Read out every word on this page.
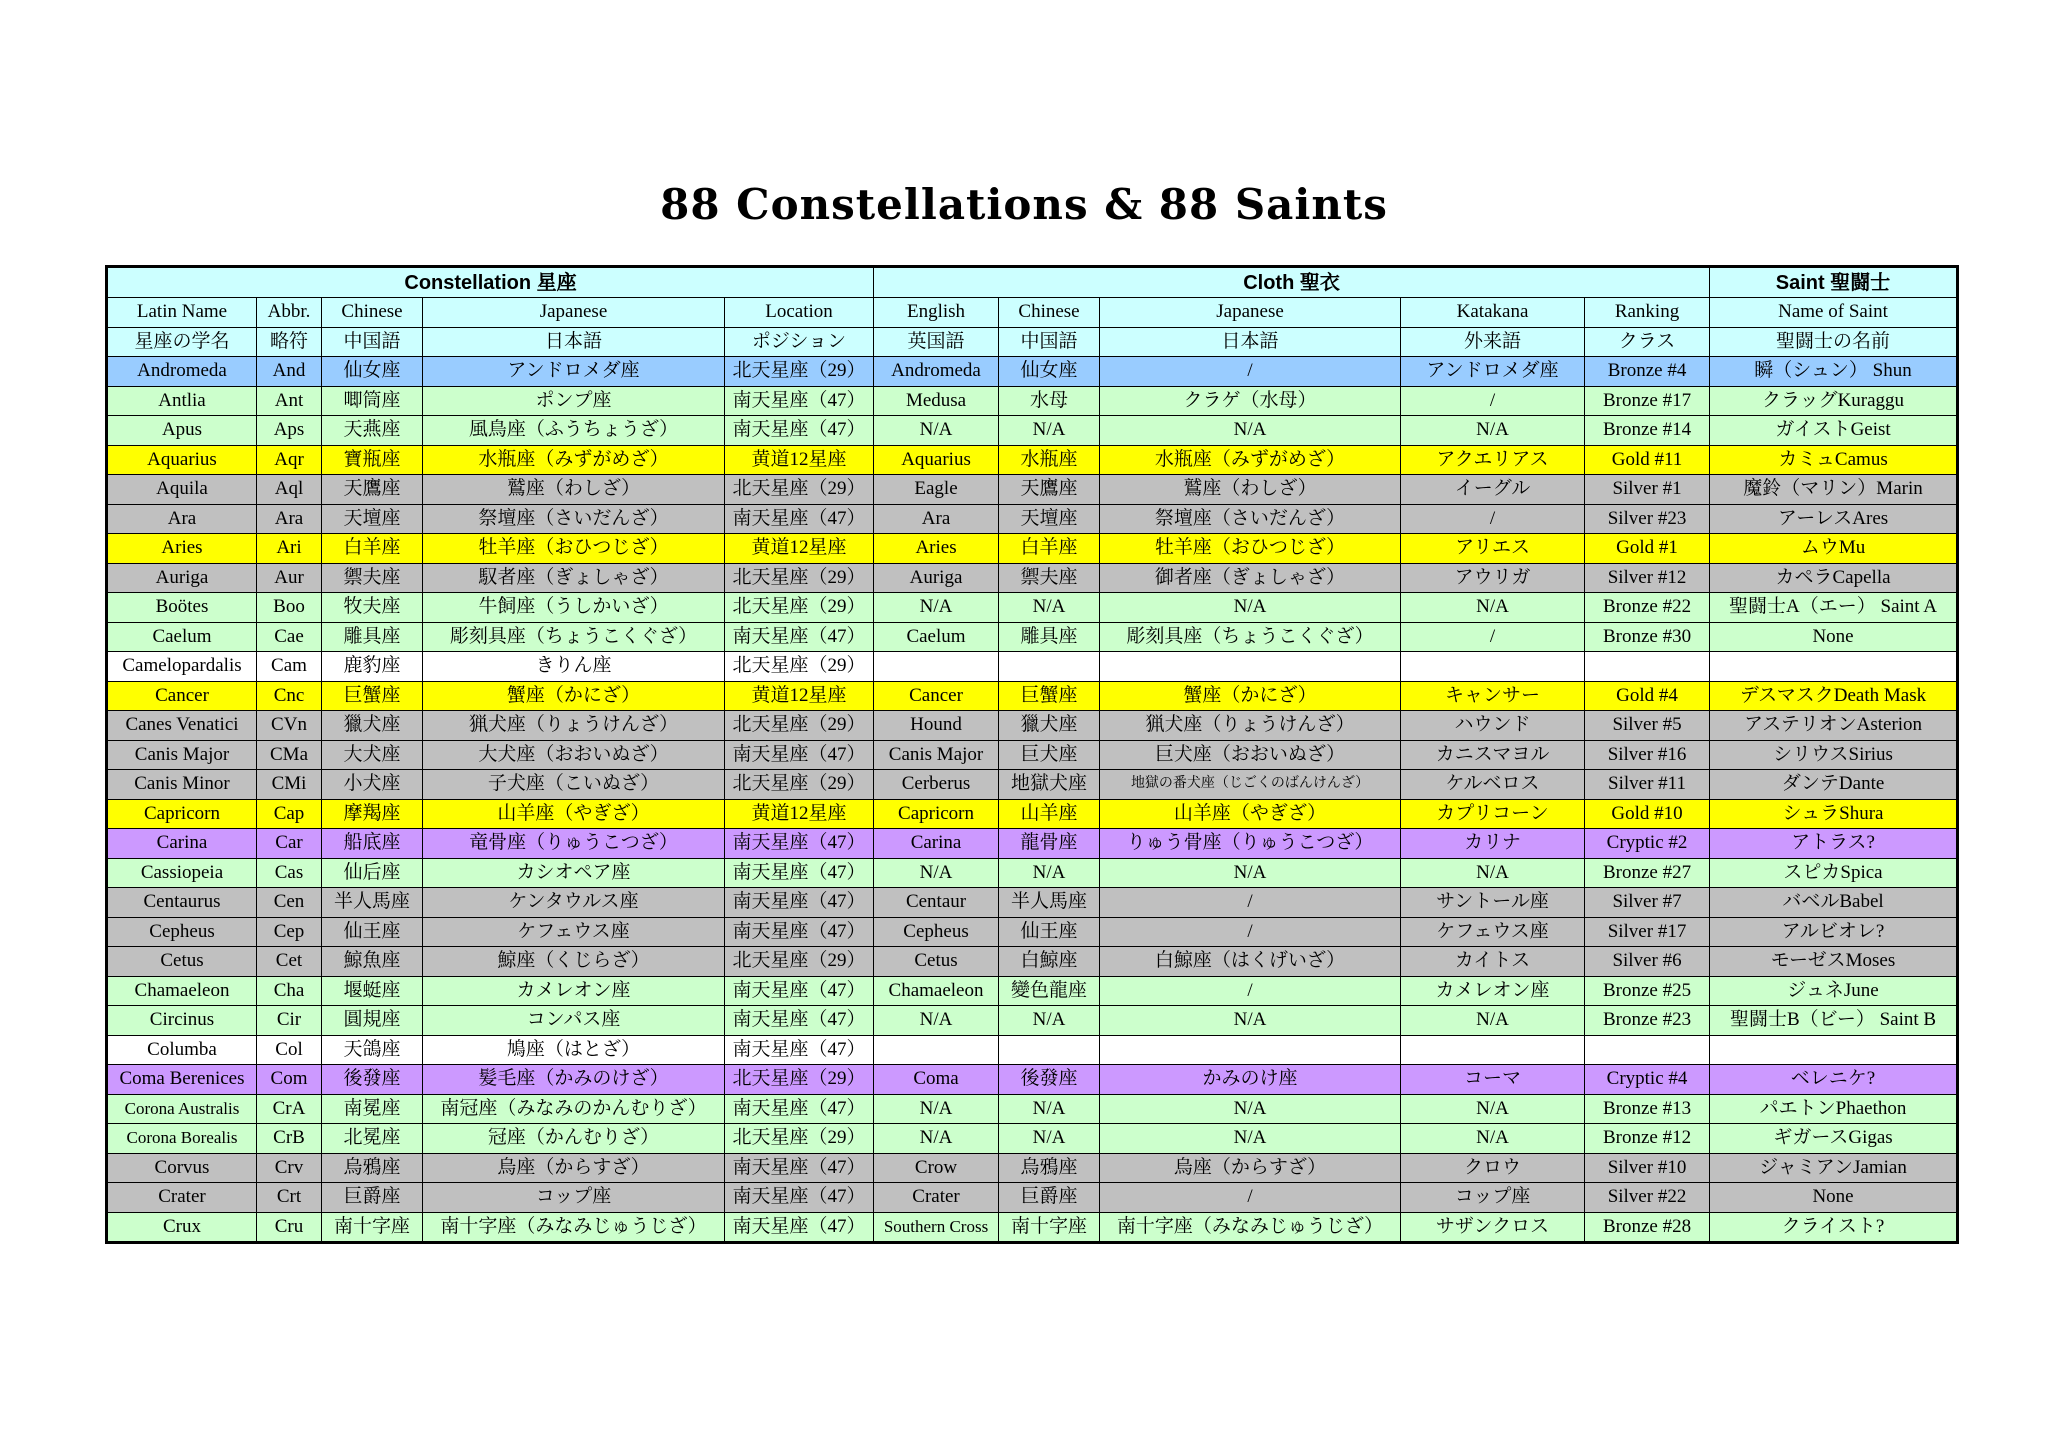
88 Constellations & 88 Saints
Constellation 星座					Cloth 聖衣					Saint 聖闘士
Latin Name	Abbr.	Chinese	Japanese	Location	English	Chinese	Japanese	Katakana	Ranking	Name of Saint
星座の学名	略符	中国語	日本語	ポジション	英国語	中国語	日本語	外来語	クラス	聖闘士の名前
Andromeda	And	仙女座	アンドロメダ座	北天星座（29）	Andromeda	仙女座	/	アンドロメダ座	Bronze #4	瞬（シュン） Shun
Antlia	Ant	唧筒座	ポンプ座	南天星座（47）	Medusa	水母	クラゲ（水母）	/	Bronze #17	クラッグKuraggu
Apus	Aps	天燕座	風鳥座（ふうちょうざ）	南天星座（47）	N/A	N/A	N/A	N/A	Bronze #14	ガイストGeist
Aquarius	Aqr	寶瓶座	水瓶座（みずがめざ）	黄道12星座	Aquarius	水瓶座	水瓶座（みずがめざ）	アクエリアス	Gold #11	カミュCamus
Aquila	Aql	天鷹座	鷲座（わしざ）	北天星座（29）	Eagle	天鷹座	鷲座（わしざ）	イーグル	Silver #1	魔鈴（マリン）Marin
Ara	Ara	天壇座	祭壇座（さいだんざ）	南天星座（47）	Ara	天壇座	祭壇座（さいだんざ）	/	Silver #23	アーレスAres
Aries	Ari	白羊座	牡羊座（おひつじざ）	黄道12星座	Aries	白羊座	牡羊座（おひつじざ）	アリエス	Gold #1	ムウMu
Auriga	Aur	禦夫座	馭者座（ぎょしゃざ）	北天星座（29）	Auriga	禦夫座	御者座（ぎょしゃざ）	アウリガ	Silver #12	カペラCapella
Boötes	Boo	牧夫座	牛飼座（うしかいざ）	北天星座（29）	N/A	N/A	N/A	N/A	Bronze #22	聖闘士A（エー） Saint A
Caelum	Cae	雕具座	彫刻具座（ちょうこくぐざ）	南天星座（47）	Caelum	雕具座	彫刻具座（ちょうこくぐざ）	/	Bronze #30	None
Camelopardalis	Cam	鹿豹座	きりん座	北天星座（29）						
Cancer	Cnc	巨蟹座	蟹座（かにざ）	黄道12星座	Cancer	巨蟹座	蟹座（かにざ）	キャンサー	Gold #4	デスマスクDeath Mask
Canes Venatici	CVn	獵犬座	猟犬座（りょうけんざ）	北天星座（29）	Hound	獵犬座	猟犬座（りょうけんざ）	ハウンド	Silver #5	アステリオンAsterion
Canis Major	CMa	大犬座	大犬座（おおいぬざ）	南天星座（47）	Canis Major	巨犬座	巨犬座（おおいぬざ）	カニスマヨル	Silver #16	シリウスSirius
Canis Minor	CMi	小犬座	子犬座（こいぬざ）	北天星座（29）	Cerberus	地獄犬座	地獄の番犬座（じごくのばんけんざ）	ケルベロス	Silver #11	ダンテDante
Capricorn	Cap	摩羯座	山羊座（やぎざ）	黄道12星座	Capricorn	山羊座	山羊座（やぎざ）	カプリコーン	Gold #10	シュラShura
Carina	Car	船底座	竜骨座（りゅうこつざ）	南天星座（47）	Carina	龍骨座	りゅう骨座（りゅうこつざ）	カリナ	Cryptic #2	アトラス?
Cassiopeia	Cas	仙后座	カシオペア座	南天星座（47）	N/A	N/A	N/A	N/A	Bronze #27	スピカSpica
Centaurus	Cen	半人馬座	ケンタウルス座	南天星座（47）	Centaur	半人馬座	/	サントール座	Silver #7	バベルBabel
Cepheus	Cep	仙王座	ケフェウス座	南天星座（47）	Cepheus	仙王座	/	ケフェウス座	Silver #17	アルビオレ?
Cetus	Cet	鯨魚座	鯨座（くじらざ）	北天星座（29）	Cetus	白鯨座	白鯨座（はくげいざ）	カイトス	Silver #6	モーゼスMoses
Chamaeleon	Cha	堰蜓座	カメレオン座	南天星座（47）	Chamaeleon	變色龍座	/	カメレオン座	Bronze #25	ジュネJune
Circinus	Cir	圓規座	コンパス座	南天星座（47）	N/A	N/A	N/A	N/A	Bronze #23	聖闘士B（ビー） Saint B
Columba	Col	天鴿座	鳩座（はとざ）	南天星座（47）						
Coma Berenices	Com	後發座	髪毛座（かみのけざ）	北天星座（29）	Coma	後發座	かみのけ座	コーマ	Cryptic #4	ベレニケ?
Corona Australis	CrA	南冕座	南冠座（みなみのかんむりざ）	南天星座（47）	N/A	N/A	N/A	N/A	Bronze #13	パエトンPhaethon
Corona Borealis	CrB	北冕座	冠座（かんむりざ）	北天星座（29）	N/A	N/A	N/A	N/A	Bronze #12	ギガースGigas
Corvus	Crv	烏鴉座	烏座（からすざ）	南天星座（47）	Crow	烏鴉座	烏座（からすざ）	クロウ	Silver #10	ジャミアンJamian
Crater	Crt	巨爵座	コップ座	南天星座（47）	Crater	巨爵座	/	コップ座	Silver #22	None
Crux	Cru	南十字座	南十字座（みなみじゅうじざ）	南天星座（47）	Southern Cross	南十字座	南十字座（みなみじゅうじざ）	サザンクロス	Bronze #28	クライスト?
